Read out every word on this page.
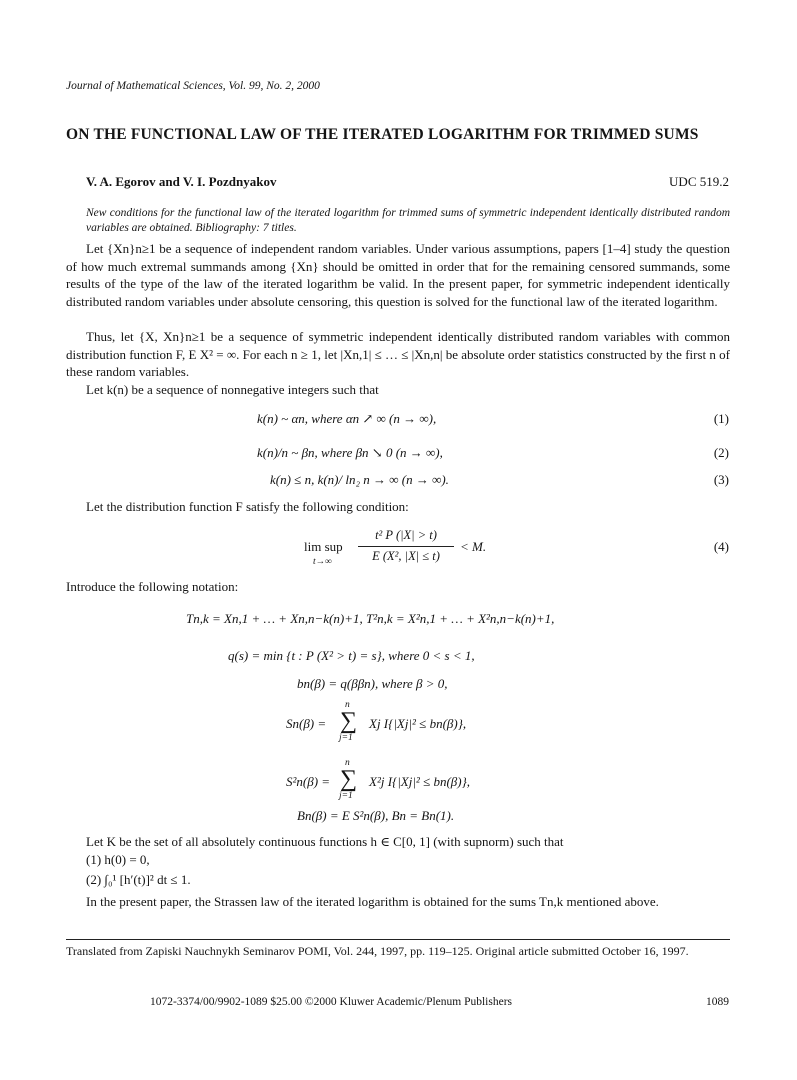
Journal of Mathematical Sciences, Vol. 99, No. 2, 2000
ON THE FUNCTIONAL LAW OF THE ITERATED LOGARITHM FOR TRIMMED SUMS
V. A. Egorov and V. I. Pozdnyakov	UDC 519.2
New conditions for the functional law of the iterated logarithm for trimmed sums of symmetric independent identically distributed random variables are obtained. Bibliography: 7 titles.
Let {Xn}n≥1 be a sequence of independent random variables. Under various assumptions, papers [1–4] study the question of how much extremal summands among {Xn} should be omitted in order that for the remaining censored summands, some results of the type of the law of the iterated logarithm be valid. In the present paper, for symmetric independent identically distributed random variables under absolute censoring, this question is solved for the functional law of the iterated logarithm.
Thus, let {X, Xn}n≥1 be a sequence of symmetric independent identically distributed random variables with common distribution function F, E X² = ∞. For each n ≥ 1, let |Xn,1| ≤ … ≤ |Xn,n| be absolute order statistics constructed by the first n of these random variables.
Let k(n) be a sequence of nonnegative integers such that
k(n) ~ αn, where αn ↗ ∞ (n → ∞),	(1)
k(n)/n ~ βn, where βn ↘ 0 (n → ∞),	(2)
k(n) ≤ n, k(n)/ ln₂ n → ∞ (n → ∞).	(3)
Let the distribution function F satisfy the following condition:
lim sup
t→∞
t² P (|X| > t)
E (X², |X| ≤ t)
< M.	(4)
Introduce the following notation:
Tn,k = Xn,1 + … + Xn,n−k(n)+1, T²n,k = X²n,1 + … + X²n,n−k(n)+1,
q(s) = min {t : P (X² > t) = s}, where 0 < s < 1,
bn(β) = q(ββn), where β > 0,
Sn(β) =
n
∑
j=1
Xj I{|Xj|² ≤ bn(β)},
S²n(β) =
n
∑
j=1
X²j I{|Xj|² ≤ bn(β)},
Bn(β) = E S²n(β), Bn = Bn(1).
Let K be the set of all absolutely continuous functions h ∈ C[0, 1] (with supnorm) such that
(1) h(0) = 0,
(2) ∫₀¹ [h′(t)]² dt ≤ 1.
In the present paper, the Strassen law of the iterated logarithm is obtained for the sums Tn,k mentioned above.
Translated from Zapiski Nauchnykh Seminarov POMI, Vol. 244, 1997, pp. 119–125. Original article submitted October 16, 1997.
1072-3374/00/9902-1089 $25.00 ©2000 Kluwer Academic/Plenum Publishers	1089
